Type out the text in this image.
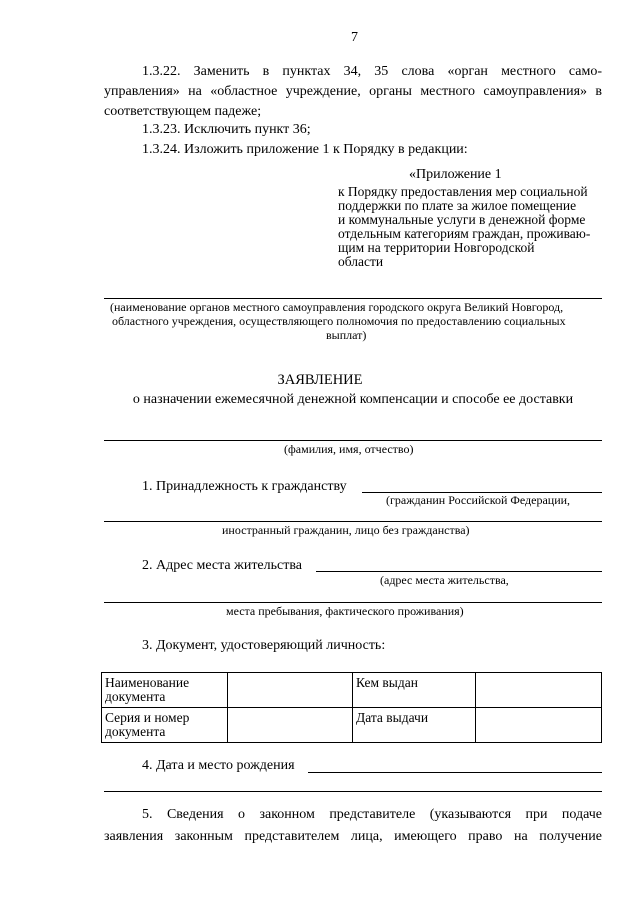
7
1.3.22. Заменить в пунктах 34, 35 слова «орган местного само-
управления» на «областное учреждение, органы местного самоуправления» в
соответствующем падеже;
1.3.23. Исключить пункт 36;
1.3.24. Изложить приложение 1 к Порядку в редакции:
«Приложение 1
к Порядку предоставления мер социальной
поддержки по плате за жилое помещение
и коммунальные услуги в денежной форме
отдельным категориям граждан, проживаю-
щим на территории Новгородской
области
(наименование органов местного самоуправления городского округа Великий Новгород,
областного учреждения, осуществляющего полномочия по предоставлению социальных
выплат)
ЗАЯВЛЕНИЕ
о назначении ежемесячной денежной компенсации и способе ее доставки
(фамилия, имя, отчество)
1. Принадлежность к гражданству
(гражданин Российской Федерации,
иностранный гражданин, лицо без гражданства)
2. Адрес места жительства
(адрес места жительства,
места пребывания, фактического проживания)
3. Документ, удостоверяющий личность:
Наименование документа		Кем выдан	
Серия и номер документа		Дата выдачи	
4. Дата и место рождения
5. Сведения о законном представителе (указываются при подаче
заявления законным представителем лица, имеющего право на получение
